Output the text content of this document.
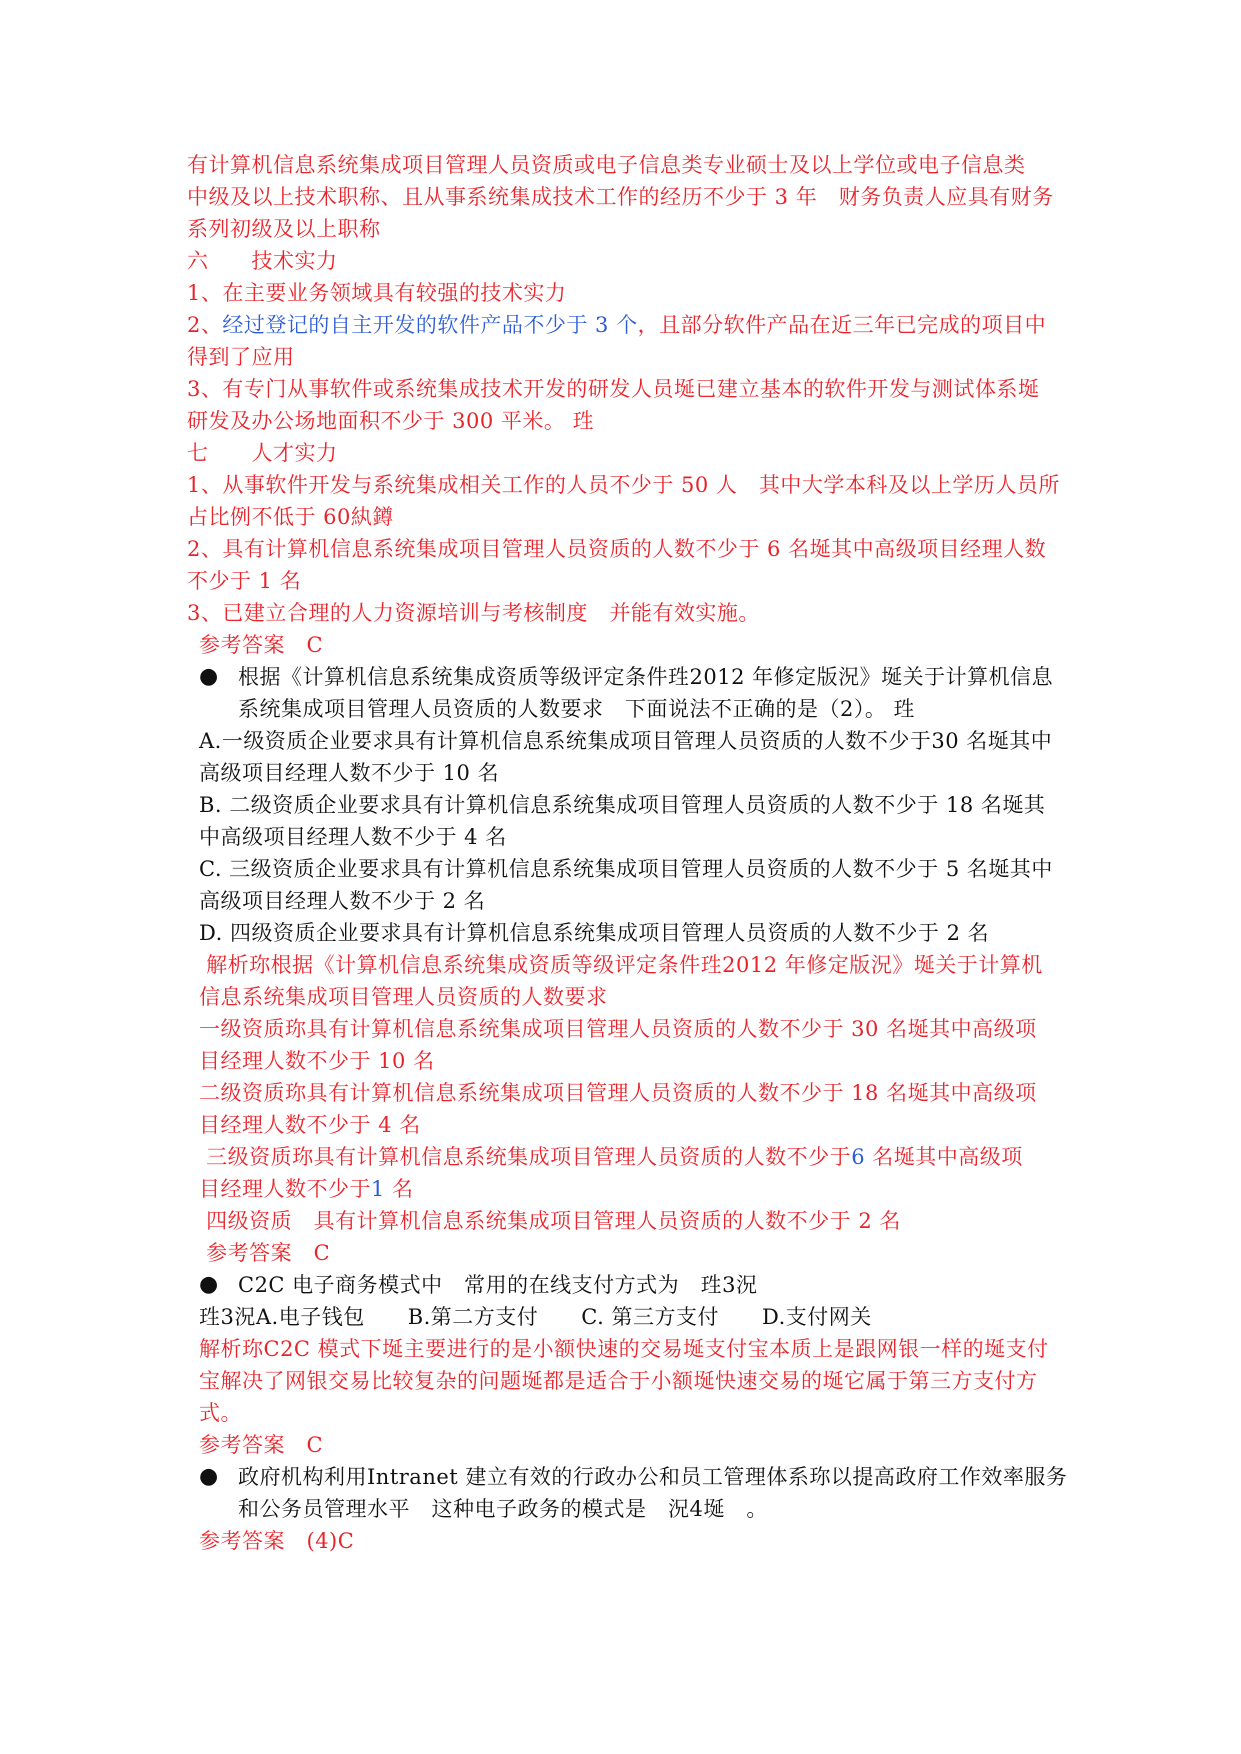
有计算机信息系统集成项目管理人员资质或电子信息类专业硕士及以上学位或电子信息类
中级及以上技术职称、且从事系统集成技术工作的经历不少于 3 年　财务负责人应具有财务
系列初级及以上职称
六　　技术实力
1、在主要业务领域具有较强的技术实力
2、经过登记的自主开发的软件产品不少于 3 个，且部分软件产品在近三年已完成的项目中
得到了应用
3、有专门从事软件或系统集成技术开发的研发人员埏已建立基本的软件开发与测试体系埏
研发及办公场地面积不少于 300 平米。 珄
七　　人才实力
1、从事软件开发与系统集成相关工作的人员不少于 50 人　其中大学本科及以上学历人员所
占比例不低于 60紈鐏
2、具有计算机信息系统集成项目管理人员资质的人数不少于 6 名埏其中高级项目经理人数
不少于 1 名
3、已建立合理的人力资源培训与考核制度　并能有效实施。
参考答案　C
● 根据《计算机信息系统集成资质等级评定条件珄2012 年修定版況》埏关于计算机信息
系统集成项目管理人员资质的人数要求　下面说法不正确的是（2）。 珄
A.一级资质企业要求具有计算机信息系统集成项目管理人员资质的人数不少于30 名埏其中
高级项目经理人数不少于 10 名
B. 二级资质企业要求具有计算机信息系统集成项目管理人员资质的人数不少于 18 名埏其
中高级项目经理人数不少于 4 名
C. 三级资质企业要求具有计算机信息系统集成项目管理人员资质的人数不少于 5 名埏其中
高级项目经理人数不少于 2 名
D. 四级资质企业要求具有计算机信息系统集成项目管理人员资质的人数不少于 2 名
解析珎根据《计算机信息系统集成资质等级评定条件珄2012 年修定版況》埏关于计算机
信息系统集成项目管理人员资质的人数要求
一级资质珎具有计算机信息系统集成项目管理人员资质的人数不少于 30 名埏其中高级项
目经理人数不少于 10 名
二级资质珎具有计算机信息系统集成项目管理人员资质的人数不少于 18 名埏其中高级项
目经理人数不少于 4 名
三级资质珎具有计算机信息系统集成项目管理人员资质的人数不少于6 名埏其中高级项
目经理人数不少于1 名
四级资质　具有计算机信息系统集成项目管理人员资质的人数不少于 2 名
参考答案　C
● C2C 电子商务模式中　常用的在线支付方式为　珄3況
珄3況A.电子钱包　　B.第二方支付　　C. 第三方支付　　D.支付网关
解析珎C2C 模式下埏主要进行的是小额快速的交易埏支付宝本质上是跟网银一样的埏支付
宝解决了网银交易比较复杂的问题埏都是适合于小额埏快速交易的埏它属于第三方支付方
式。
参考答案　C
● 政府机构利用Intranet 建立有效的行政办公和员工管理体系珎以提高政府工作效率服务
和公务员管理水平　这种电子政务的模式是　況4埏　。
参考答案　(4)C
